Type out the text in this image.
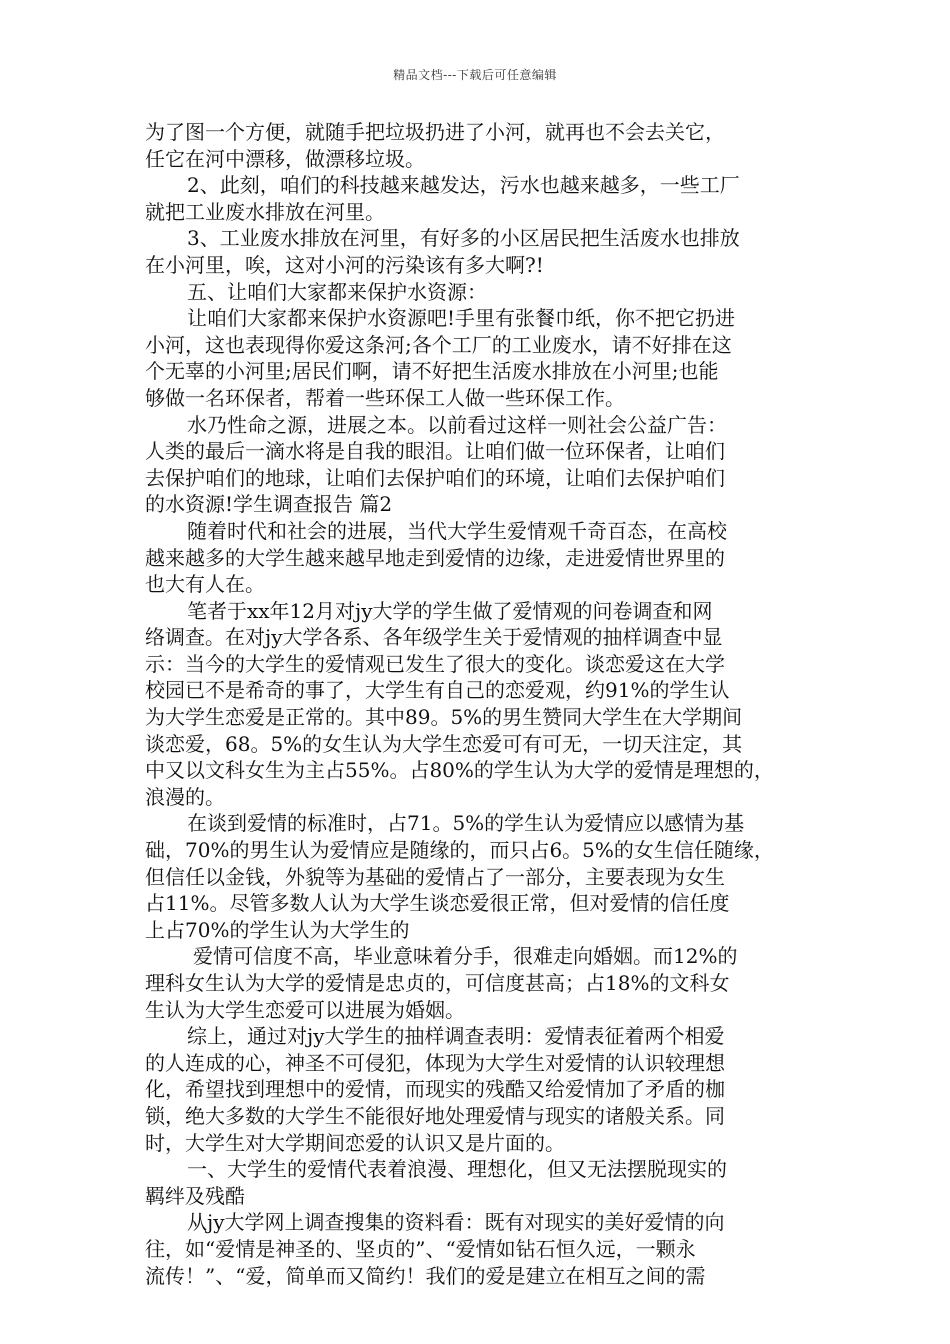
精品文档---下载后可任意编辑
为了图一个方便，就随手把垃圾扔进了小河，就再也不会去关它，
任它在河中漂移，做漂移垃圾。
2、此刻，咱们的科技越来越发达，污水也越来越多，一些工厂
就把工业废水排放在河里。
3、工业废水排放在河里，有好多的小区居民把生活废水也排放
在小河里，唉，这对小河的污染该有多大啊?!
五、让咱们大家都来保护水资源：
让咱们大家都来保护水资源吧!手里有张餐巾纸，你不把它扔进
小河，这也表现得你爱这条河;各个工厂的工业废水，请不好排在这
个无辜的小河里;居民们啊，请不好把生活废水排放在小河里;也能
够做一名环保者，帮着一些环保工人做一些环保工作。
水乃性命之源，进展之本。以前看过这样一则社会公益广告：
人类的最后一滴水将是自我的眼泪。让咱们做一位环保者，让咱们
去保护咱们的地球，让咱们去保护咱们的环境，让咱们去保护咱们
的水资源!学生调查报告 篇2
随着时代和社会的进展，当代大学生爱情观千奇百态，在高校
越来越多的大学生越来越早地走到爱情的边缘，走进爱情世界里的
也大有人在。
笔者于xx年12月对jy大学的学生做了爱情观的问卷调查和网
络调查。在对jy大学各系、各年级学生关于爱情观的抽样调查中显
示：当今的大学生的爱情观已发生了很大的变化。谈恋爱这在大学
校园已不是希奇的事了，大学生有自己的恋爱观，约91%的学生认
为大学生恋爱是正常的。其中89。5%的男生赞同大学生在大学期间
谈恋爱，68。5%的女生认为大学生恋爱可有可无，一切天注定，其
中又以文科女生为主占55%。占80%的学生认为大学的爱情是理想的，
浪漫的。
在谈到爱情的标准时，占71。5%的学生认为爱情应以感情为基
础，70%的男生认为爱情应是随缘的，而只占6。5%的女生信任随缘，
但信任以金钱，外貌等为基础的爱情占了一部分，主要表现为女生
占11%。尽管多数人认为大学生谈恋爱很正常，但对爱情的信任度
上占70%的学生认为大学生的
爱情可信度不高，毕业意味着分手，很难走向婚姻。而12%的
理科女生认为大学的爱情是忠贞的，可信度甚高；占18%的文科女
生认为大学生恋爱可以进展为婚姻。
综上，通过对jy大学生的抽样调查表明：爱情表征着两个相爱
的人连成的心，神圣不可侵犯，体现为大学生对爱情的认识较理想
化，希望找到理想中的爱情，而现实的残酷又给爱情加了矛盾的枷
锁，绝大多数的大学生不能很好地处理爱情与现实的诸般关系。同
时，大学生对大学期间恋爱的认识又是片面的。
一、大学生的爱情代表着浪漫、理想化，但又无法摆脱现实的
羁绊及残酷
从jy大学网上调查搜集的资料看：既有对现实的美好爱情的向
往，如“爱情是神圣的、坚贞的”、“爱情如钻石恒久远，一颗永
流传！”、“爱，简单而又简约！我们的爱是建立在相互之间的需
